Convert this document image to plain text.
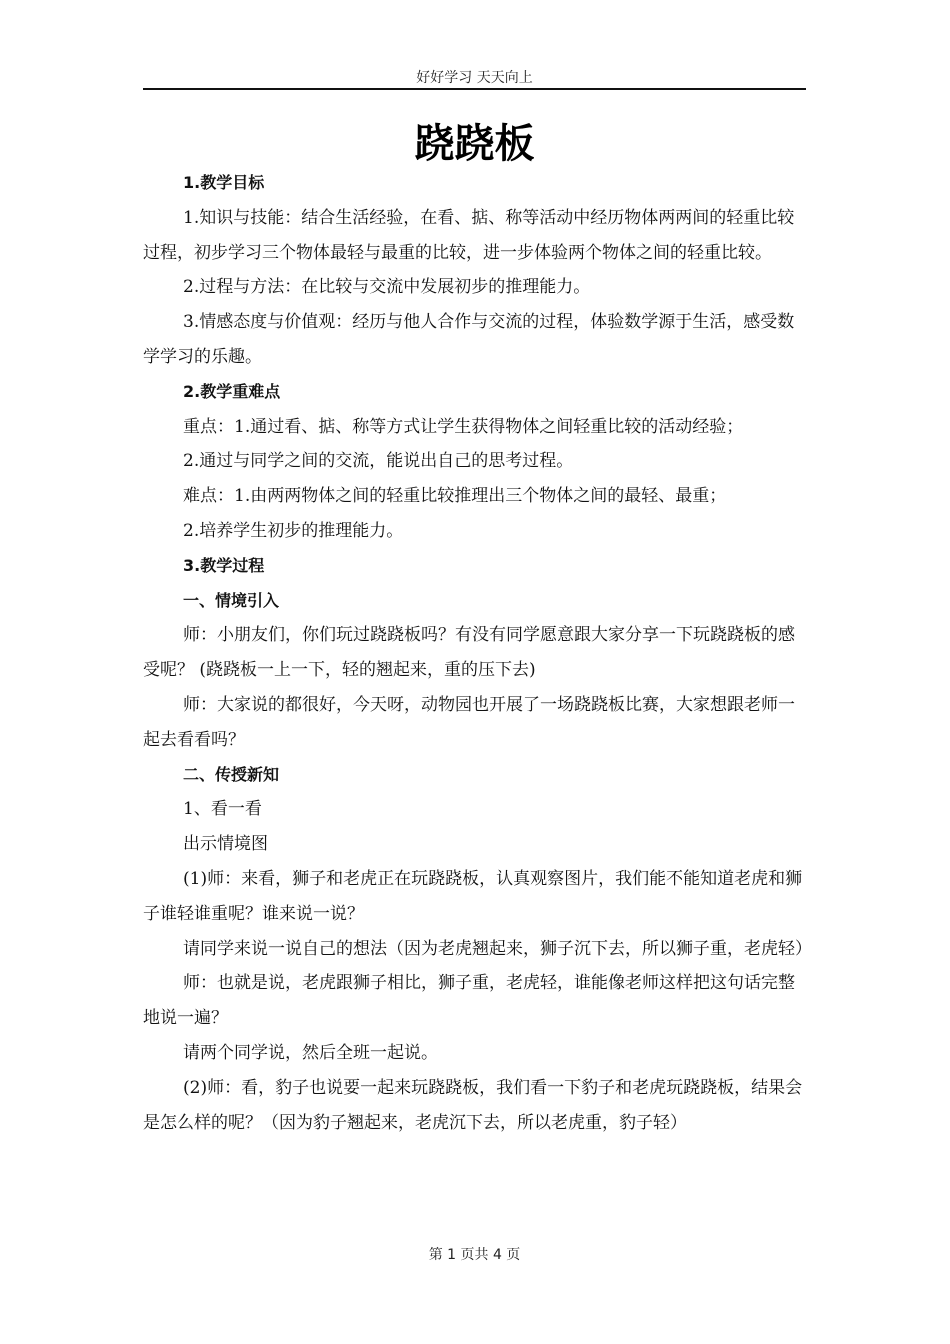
好好学习 天天向上
跷跷板

1.教学目标

1.知识与技能：结合生活经验，在看、掂、称等活动中经历物体两两间的轻重比较过程，初步学习三个物体最轻与最重的比较，进一步体验两个物体之间的轻重比较。

2.过程与方法：在比较与交流中发展初步的推理能力。

3.情感态度与价值观：经历与他人合作与交流的过程，体验数学源于生活，感受数学学习的乐趣。

2.教学重难点

重点：1.通过看、掂、称等方式让学生获得物体之间轻重比较的活动经验；

2.通过与同学之间的交流，能说出自己的思考过程。

难点：1.由两两物体之间的轻重比较推理出三个物体之间的最轻、最重；

2.培养学生初步的推理能力。

3.教学过程

一、情境引入

师：小朋友们，你们玩过跷跷板吗？有没有同学愿意跟大家分享一下玩跷跷板的感受呢？ (跷跷板一上一下，轻的翘起来，重的压下去)

师：大家说的都很好，今天呀，动物园也开展了一场跷跷板比赛，大家想跟老师一起去看看吗？

二、传授新知

1、看一看

出示情境图

(1)师：来看，狮子和老虎正在玩跷跷板，认真观察图片，我们能不能知道老虎和狮子谁轻谁重呢？谁来说一说？

请同学来说一说自己的想法（因为老虎翘起来，狮子沉下去，所以狮子重，老虎轻）

师：也就是说，老虎跟狮子相比，狮子重，老虎轻，谁能像老师这样把这句话完整地说一遍？

请两个同学说，然后全班一起说。

(2)师：看，豹子也说要一起来玩跷跷板，我们看一下豹子和老虎玩跷跷板，结果会是怎么样的呢？（因为豹子翘起来，老虎沉下去，所以老虎重，豹子轻）

第 1 页共 4 页
